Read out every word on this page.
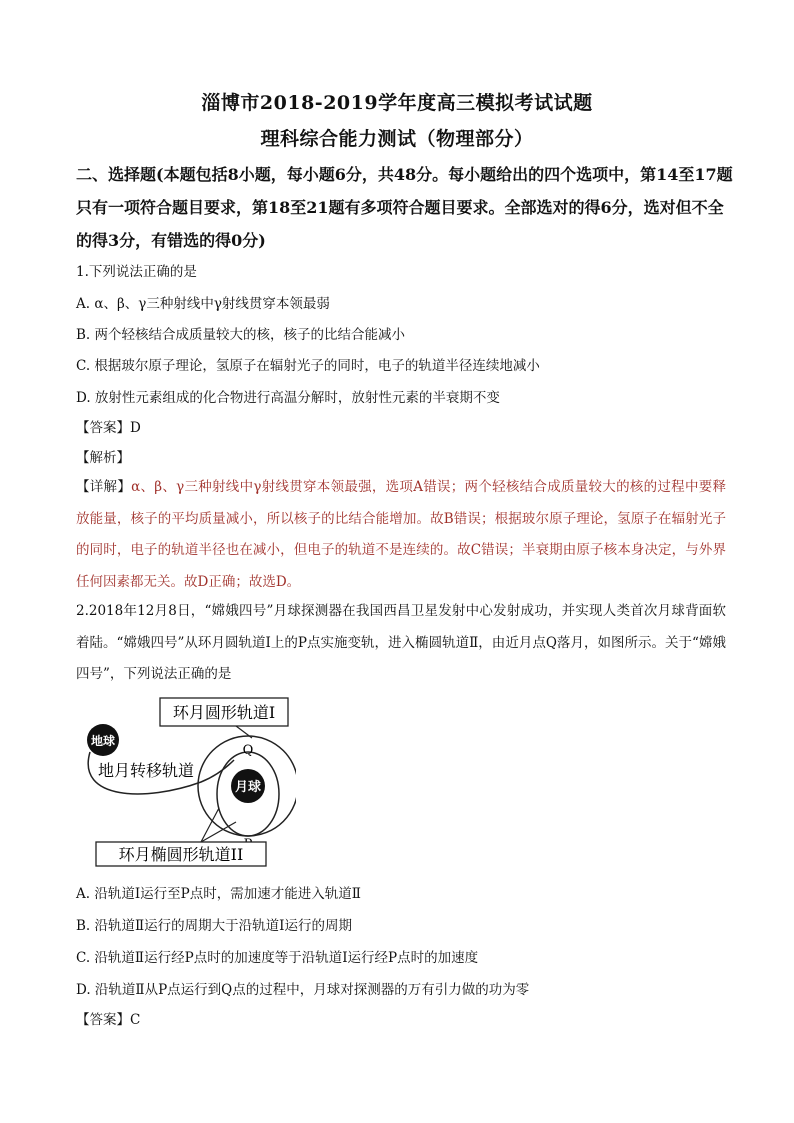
淄博市2018-2019学年度高三模拟考试试题
理科综合能力测试（物理部分）
二、选择题(本题包括8小题，每小题6分，共48分。每小题给出的四个选项中，第14至17题只有一项符合题目要求，第18至21题有多项符合题目要求。全部选对的得6分，选对但不全的得3分，有错选的得0分)
1.下列说法正确的是
A. α、β、γ三种射线中γ射线贯穿本领最弱
B. 两个轻核结合成质量较大的核，核子的比结合能减小
C. 根据玻尔原子理论，氢原子在辐射光子的同时，电子的轨道半径连续地减小
D. 放射性元素组成的化合物进行高温分解时，放射性元素的半衰期不变
【答案】D
【解析】
【详解】α、β、γ三种射线中γ射线贯穿本领最强，选项A错误；两个轻核结合成质量较大的核的过程中要释放能量，核子的平均质量减小，所以核子的比结合能增加。故B错误；根据玻尔原子理论，氢原子在辐射光子的同时，电子的轨道半径也在减小，但电子的轨道不是连续的。故C错误；半衰期由原子核本身决定，与外界任何因素都无关。故D正确；故选D。
2.2018年12月8日，“嫦娥四号”月球探测器在我国西昌卫星发射中心发射成功，并实现人类首次月球背面软着陆。“嫦娥四号”从环月圆轨道Ⅰ上的P点实施变轨，进入椭圆轨道Ⅱ，由近月点Q落月，如图所示。关于“嫦娥四号”，下列说法正确的是
环月圆形轨道I
月球
Q
地球
地月转移轨道
环月椭圆形轨道II
A. 沿轨道Ⅰ运行至P点时，需加速才能进入轨道Ⅱ
B. 沿轨道Ⅱ运行的周期大于沿轨道Ⅰ运行的周期
C. 沿轨道Ⅱ运行经P点时的加速度等于沿轨道Ⅰ运行经P点时的加速度
D. 沿轨道Ⅱ从P点运行到Q点的过程中，月球对探测器的万有引力做的功为零
【答案】C
